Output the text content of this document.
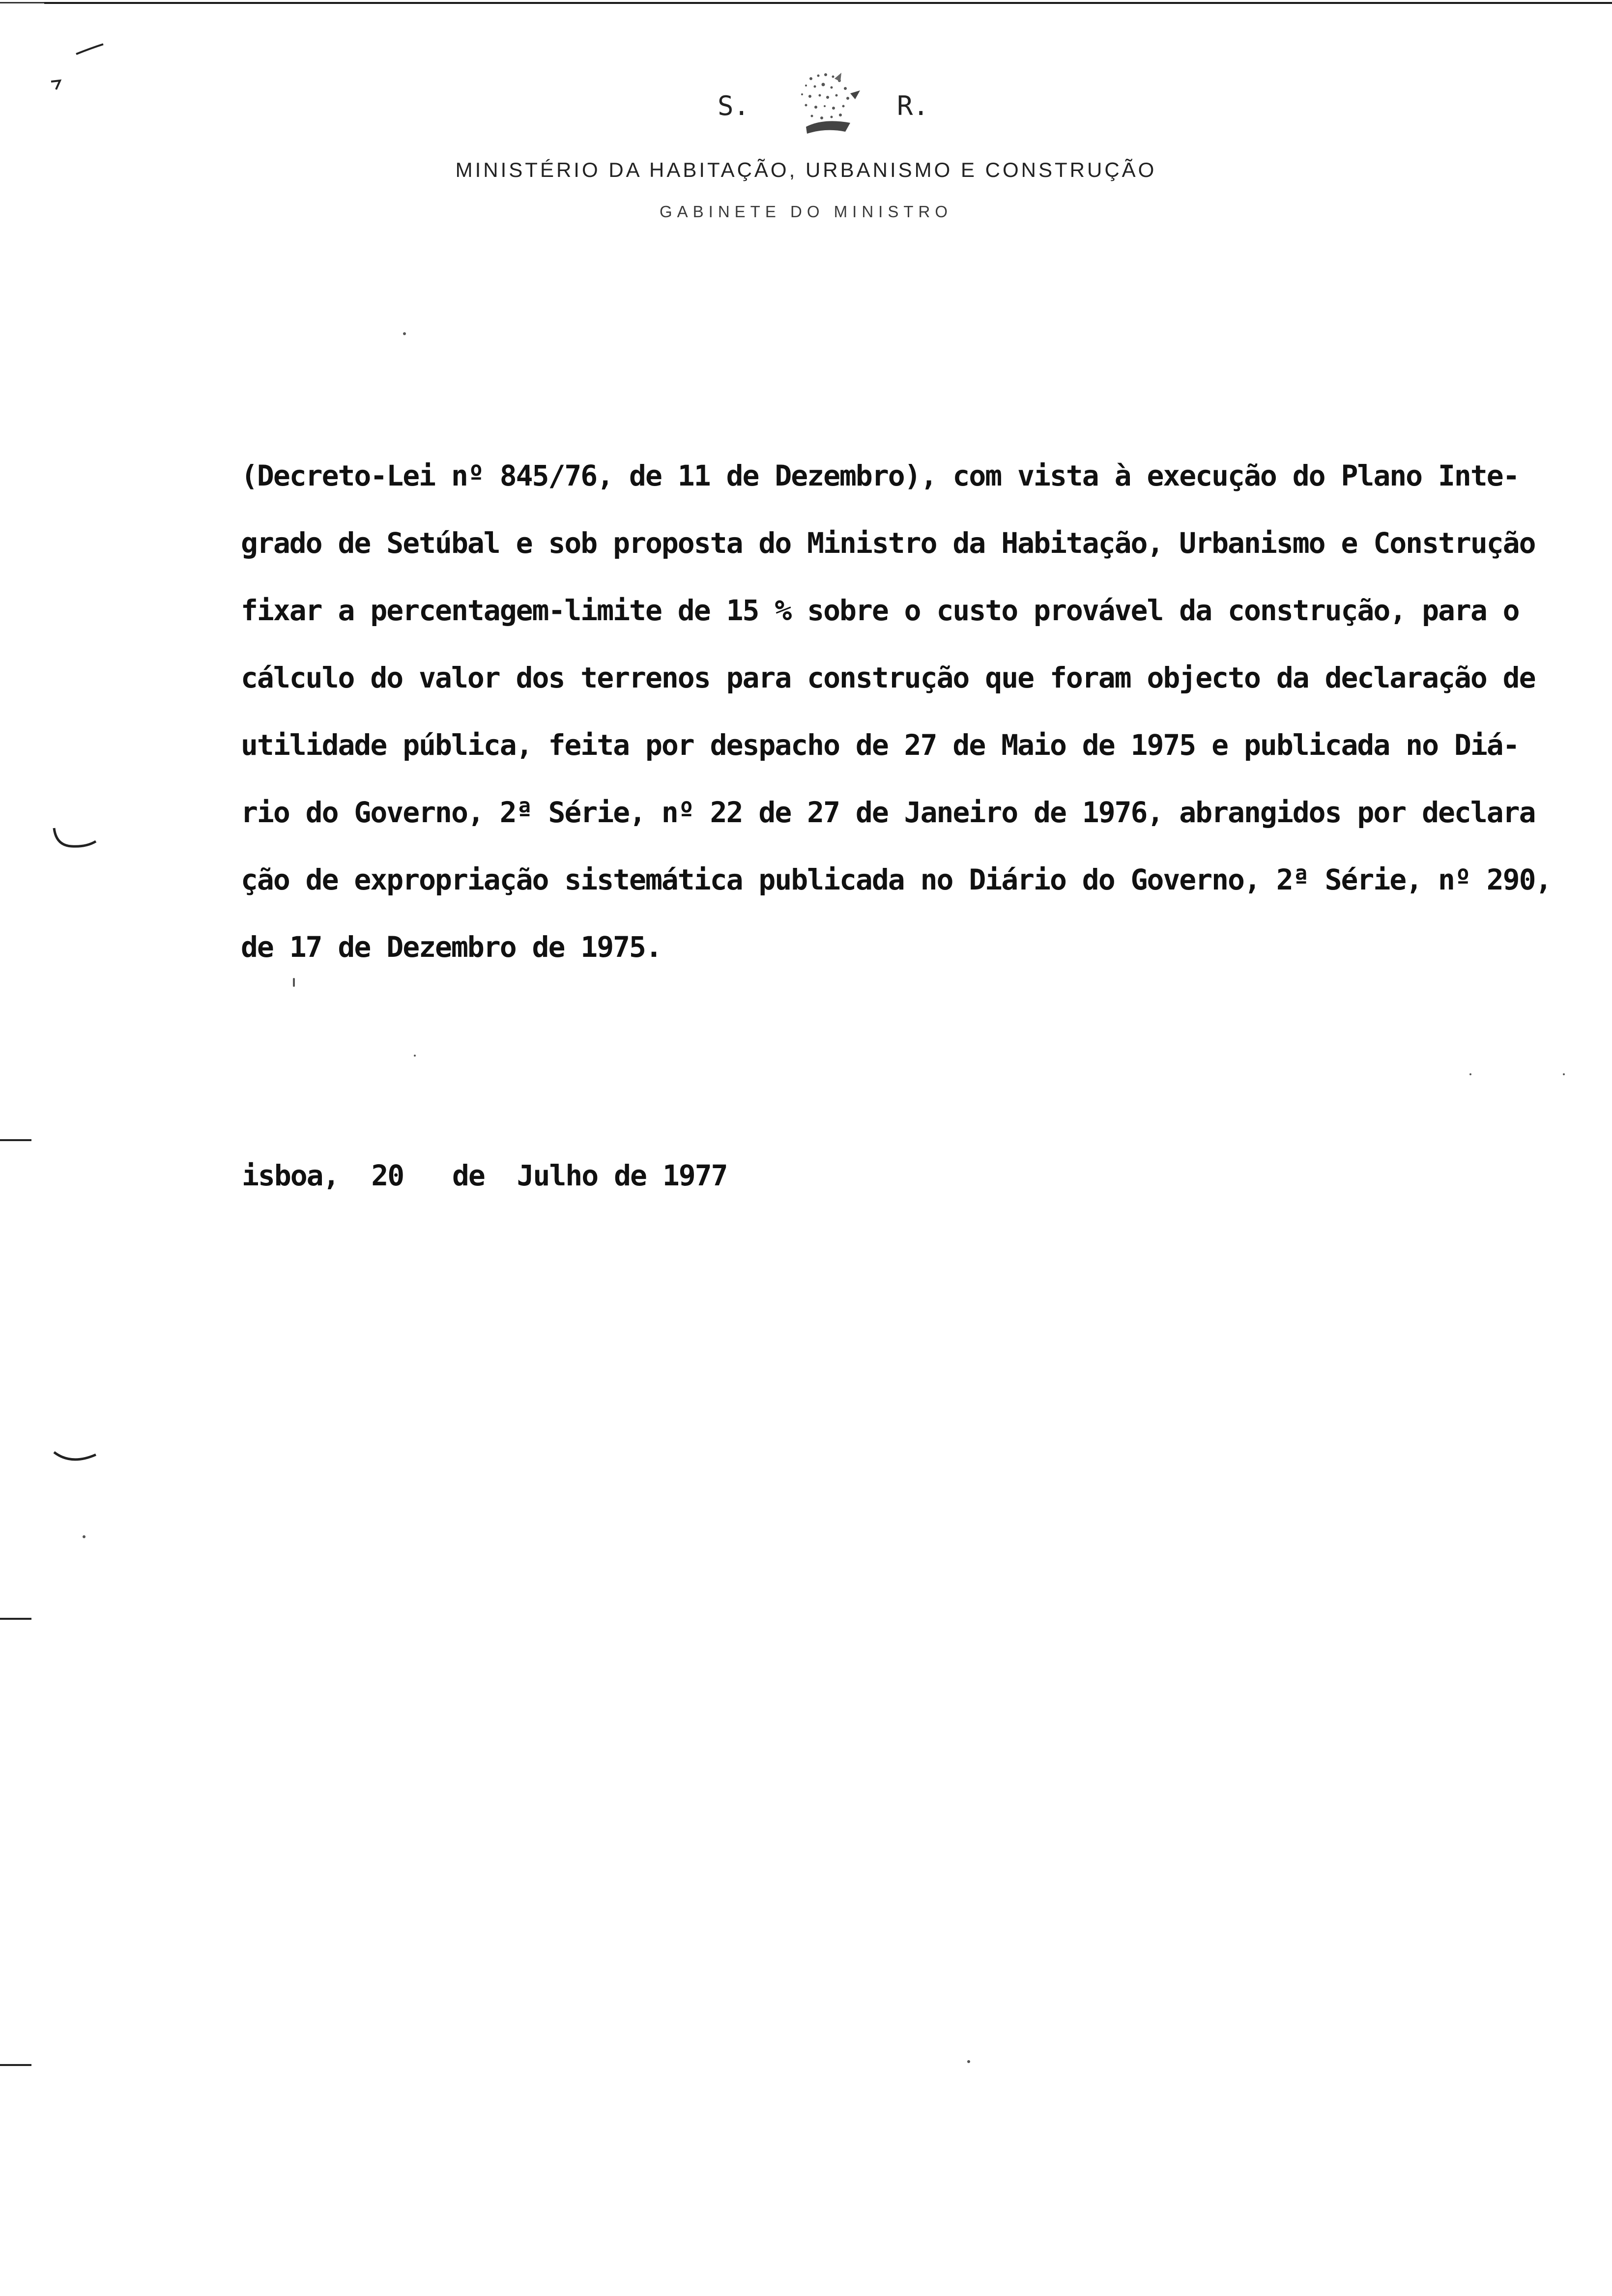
S.	R.
MINISTÉRIO DA HABITAÇÃO, URBANISMO E CONSTRUÇÃO
GABINETE DO MINISTRO
(Decreto-Lei nº 845/76, de 11 de Dezembro), com vista à execução do Plano Inte-
grado de Setúbal e sob proposta do Ministro da Habitação, Urbanismo e Construção
fixar a percentagem-limite de 15 % sobre o custo provável da construção, para o
cálculo do valor dos terrenos para construção que foram objecto da declaração de
utilidade pública, feita por despacho de 27 de Maio de 1975 e publicada no Diá-
rio do Governo, 2ª Série, nº 22 de 27 de Janeiro de 1976, abrangidos por declara
ção de expropriação sistemática publicada no Diário do Governo, 2ª Série, nº 290,
de 17 de Dezembro de 1975.
isboa,  20   de  Julho de 1977
